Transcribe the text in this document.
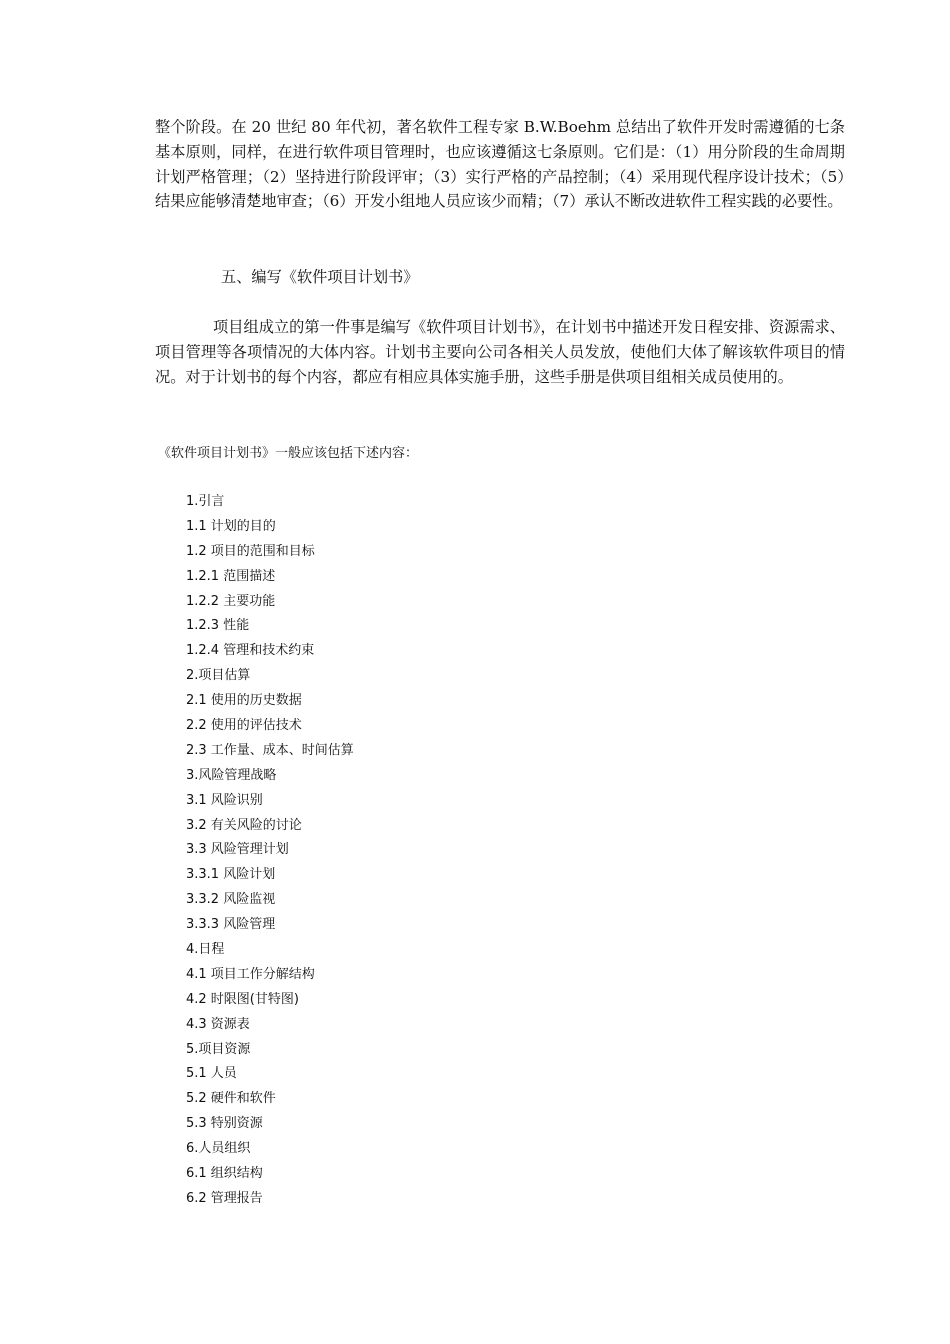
整个阶段。在 20 世纪 80 年代初，著名软件工程专家 B.W.Boehm 总结出了软件开发时需遵循的七条基本原则，同样，在进行软件项目管理时，也应该遵循这七条原则。它们是：（1）用分阶段的生命周期计划严格管理；（2）坚持进行阶段评审；（3）实行严格的产品控制；（4）采用现代程序设计技术；（5）结果应能够清楚地审查；（6）开发小组地人员应该少而精；（7）承认不断改进软件工程实践的必要性。

五、编写《软件项目计划书》

项目组成立的第一件事是编写《软件项目计划书》，在计划书中描述开发日程安排、资源需求、项目管理等各项情况的大体内容。计划书主要向公司各相关人员发放，使他们大体了解该软件项目的情况。对于计划书的每个内容，都应有相应具体实施手册，这些手册是供项目组相关成员使用的。

《软件项目计划书》一般应该包括下述内容：

1.引言
1.1 计划的目的
1.2 项目的范围和目标
1.2.1 范围描述
1.2.2 主要功能
1.2.3 性能
1.2.4 管理和技术约束
2.项目估算
2.1 使用的历史数据
2.2 使用的评估技术
2.3 工作量、成本、时间估算
3.风险管理战略
3.1 风险识别
3.2 有关风险的讨论
3.3 风险管理计划
3.3.1 风险计划
3.3.2 风险监视
3.3.3 风险管理
4.日程
4.1 项目工作分解结构
4.2 时限图(甘特图)
4.3 资源表
5.项目资源
5.1 人员
5.2 硬件和软件
5.3 特别资源
6.人员组织
6.1 组织结构
6.2 管理报告
